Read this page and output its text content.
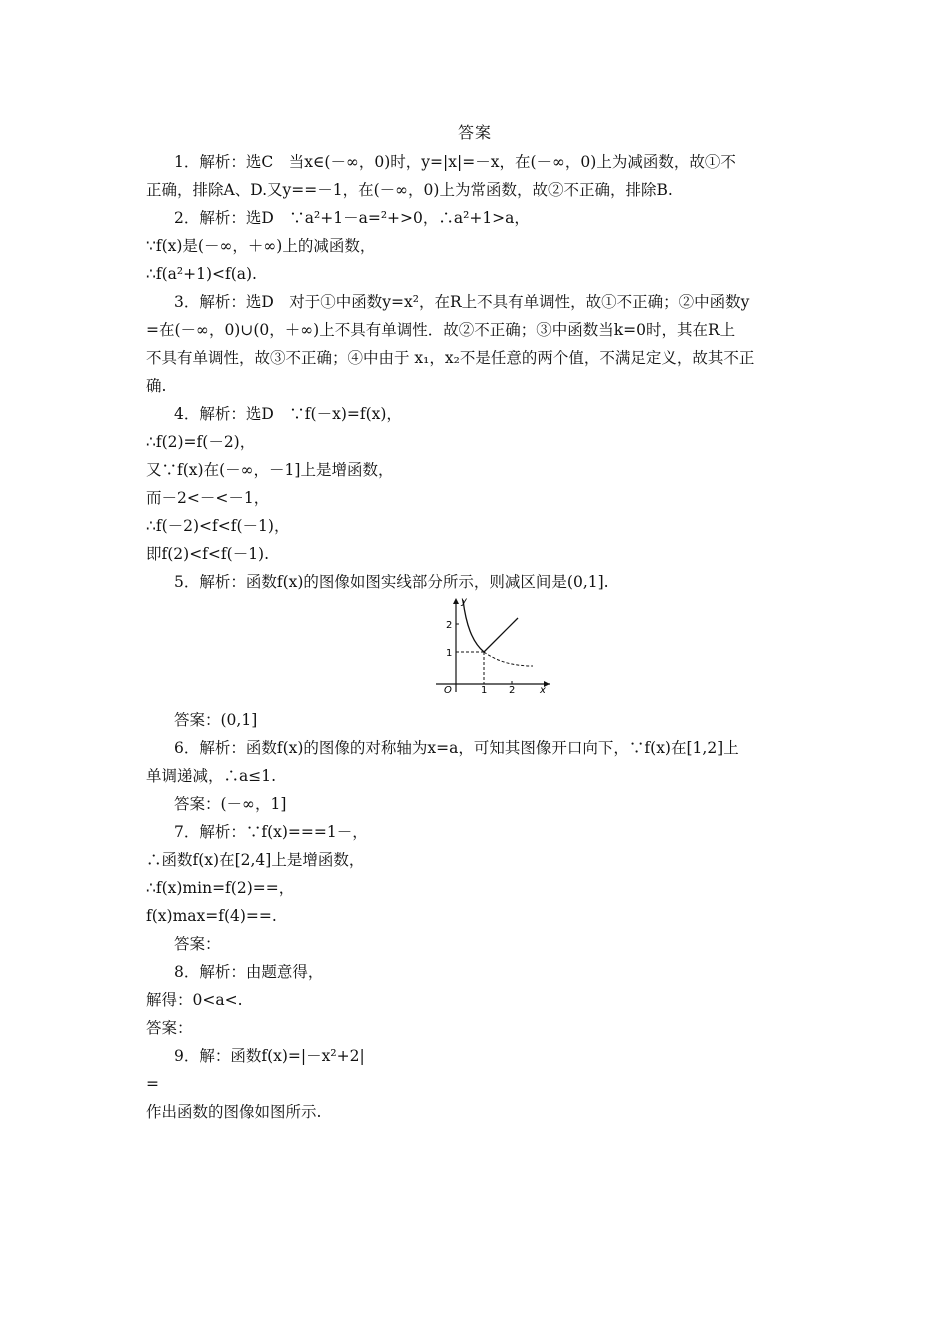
答案
1．解析：选C　当x∈(－∞，0)时，y=|x|=－x，在(－∞，0)上为减函数，故①不
正确，排除A、D.又y==－1，在(－∞，0)上为常函数，故②不正确，排除B.
2．解析：选D　∵a²+1－a=²+>0，∴a²+1>a，
∵f(x)是(－∞，＋∞)上的减函数，
∴f(a²+1)<f(a).
3．解析：选D　对于①中函数y=x²，在R上不具有单调性，故①不正确；②中函数y
=在(－∞，0)∪(0，＋∞)上不具有单调性．故②不正确；③中函数当k=0时，其在R上
不具有单调性，故③不正确；④中由于 x₁，x₂不是任意的两个值，不满足定义，故其不正
确.
4．解析：选D　∵f(－x)=f(x)，
∴f(2)=f(－2)，
又∵f(x)在(－∞，－1]上是增函数，
而－2<－<－1，
∴f(－2)<f<f(－1)，
即f(2)<f<f(－1).
5．解析：函数f(x)的图像如图实线部分所示，则减区间是(0,1].
y
x
O	1 2
1
2
答案：(0,1]
6．解析：函数f(x)的图像的对称轴为x=a，可知其图像开口向下，∵f(x)在[1,2]上
单调递减，∴a≤1.
答案：(－∞，1]
7．解析：∵f(x)===1－，
∴函数f(x)在[2,4]上是增函数，
∴f(x)min=f(2)==，
f(x)max=f(4)==.
答案：
8．解析：由题意得，
解得：0<a<.
答案：
9．解：函数f(x)=|－x²+2|
=
作出函数的图像如图所示.
